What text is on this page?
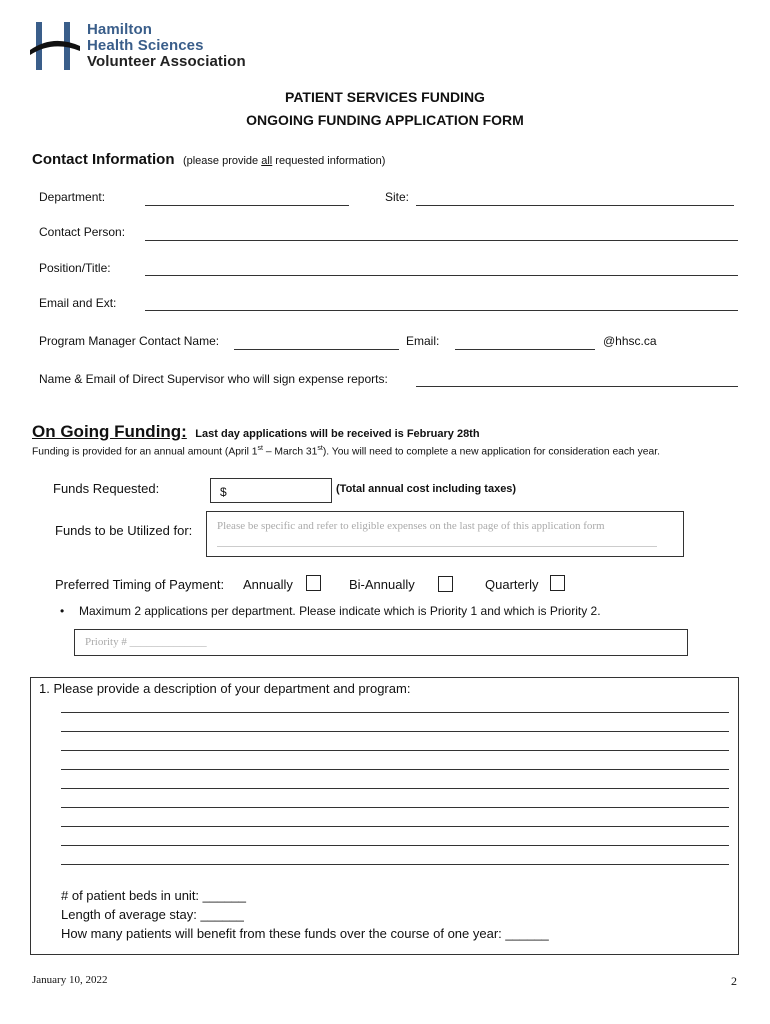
Hamilton
Health Sciences
Volunteer Association
PATIENT SERVICES FUNDING
ONGOING FUNDING APPLICATION FORM
Contact Information (please provide all requested information)
Department:	Site:
Contact Person:
Position/Title:
Email and Ext:
Program Manager Contact Name:	Email:	@hhsc.ca
Name & Email of Direct Supervisor who will sign expense reports:
On Going Funding: Last day applications will be received is February 28th
Funding is provided for an annual amount (April 1st – March 31st). You will need to complete a new application for consideration each year.
Funds Requested:	$	(Total annual cost including taxes)
Funds to be Utilized for: Please be specific and refer to eligible expenses on the last page of this application form
Preferred Timing of Payment: Annually	Bi-Annually	Quarterly
• Maximum 2 applications per department. Please indicate which is Priority 1 and which is Priority 2.
Priority # ______________
1. Please provide a description of your department and program:
# of patient beds in unit: ______
Length of average stay: ______
How many patients will benefit from these funds over the course of one year: ______
January 10, 2022	2
